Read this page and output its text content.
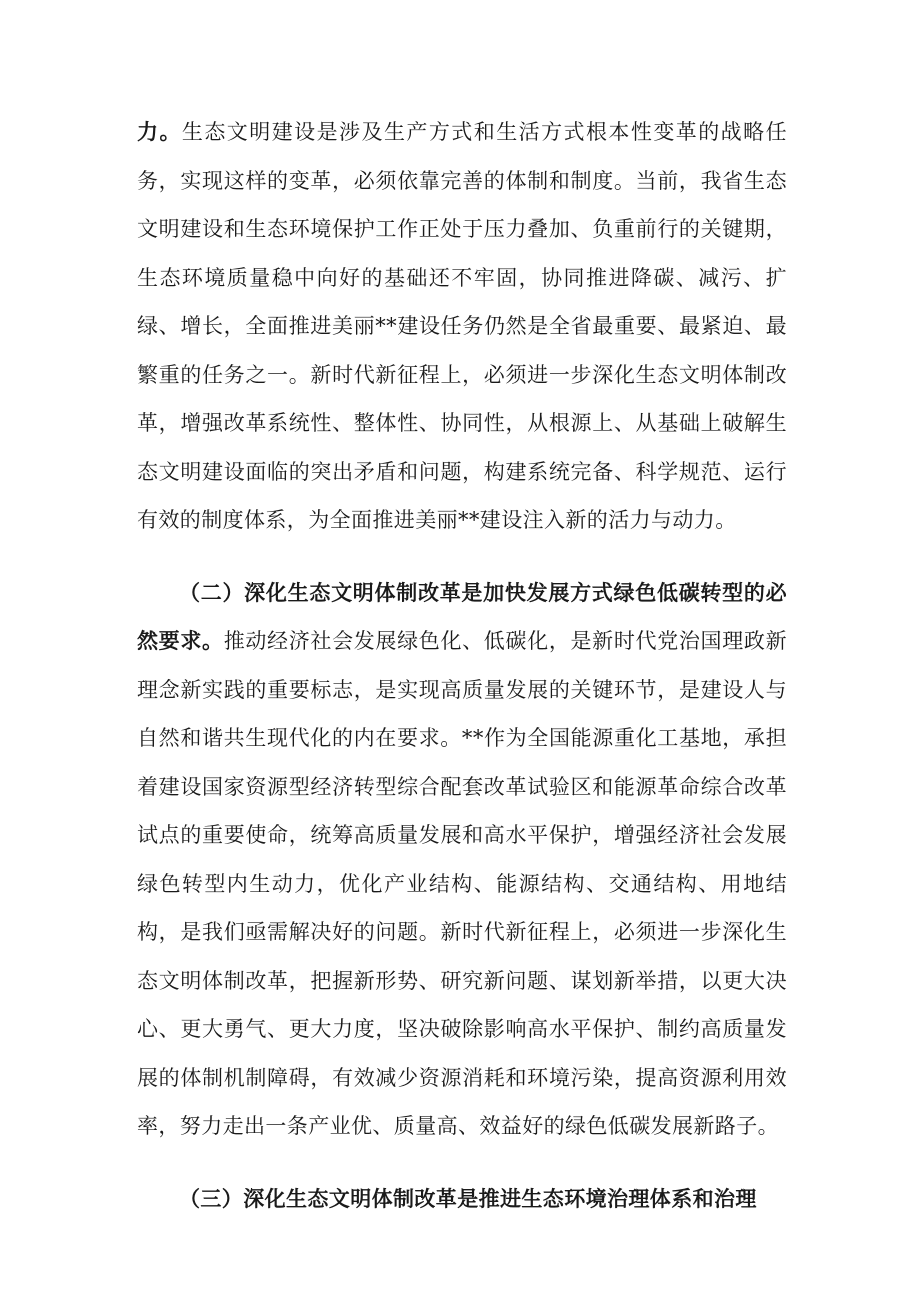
力。生态文明建设是涉及生产方式和生活方式根本性变革的战略任务，实现这样的变革，必须依靠完善的体制和制度。当前，我省生态文明建设和生态环境保护工作正处于压力叠加、负重前行的关键期，生态环境质量稳中向好的基础还不牢固，协同推进降碳、减污、扩绿、增长，全面推进美丽**建设任务仍然是全省最重要、最紧迫、最繁重的任务之一。新时代新征程上，必须进一步深化生态文明体制改革，增强改革系统性、整体性、协同性，从根源上、从基础上破解生态文明建设面临的突出矛盾和问题，构建系统完备、科学规范、运行有效的制度体系，为全面推进美丽**建设注入新的活力与动力。

（二）深化生态文明体制改革是加快发展方式绿色低碳转型的必然要求。推动经济社会发展绿色化、低碳化，是新时代党治国理政新理念新实践的重要标志，是实现高质量发展的关键环节，是建设人与自然和谐共生现代化的内在要求。**作为全国能源重化工基地，承担着建设国家资源型经济转型综合配套改革试验区和能源革命综合改革试点的重要使命，统筹高质量发展和高水平保护，增强经济社会发展绿色转型内生动力，优化产业结构、能源结构、交通结构、用地结构，是我们亟需解决好的问题。新时代新征程上，必须进一步深化生态文明体制改革，把握新形势、研究新问题、谋划新举措，以更大决心、更大勇气、更大力度，坚决破除影响高水平保护、制约高质量发展的体制机制障碍，有效减少资源消耗和环境污染，提高资源利用效率，努力走出一条产业优、质量高、效益好的绿色低碳发展新路子。

（三）深化生态文明体制改革是推进生态环境治理体系和治理
